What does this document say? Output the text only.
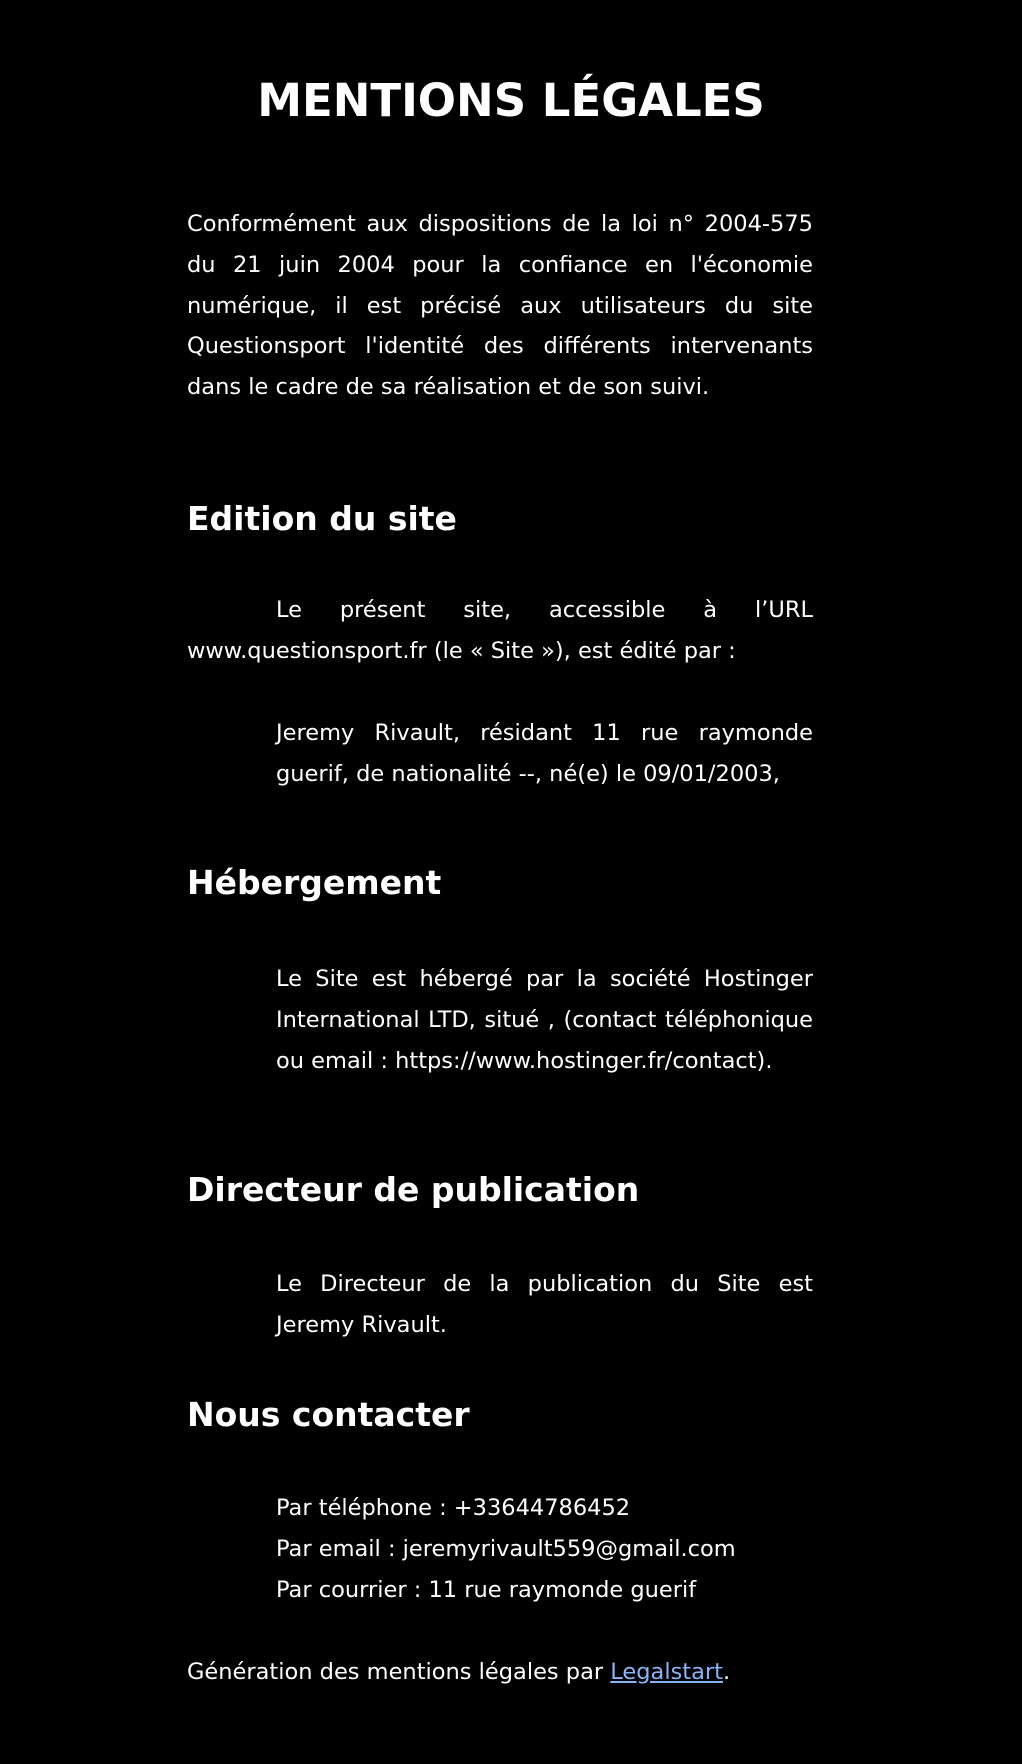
MENTIONS LÉGALES

Conformément aux dispositions de la loi n° 2004-575 du 21 juin 2004 pour la confiance en l'économie numérique, il est précisé aux utilisateurs du site Questionsport l'identité des différents intervenants dans le cadre de sa réalisation et de son suivi.

Edition du site

Le présent site, accessible à l’URL www.questionsport.fr (le « Site »), est édité par :

Jeremy Rivault, résidant 11 rue raymonde guerif, de nationalité --, né(e) le 09/01/2003,

Hébergement

Le Site est hébergé par la société Hostinger International LTD, situé , (contact téléphonique ou email : https://www.hostinger.fr/contact).

Directeur de publication

Le Directeur de la publication du Site est Jeremy Rivault.

Nous contacter

Par téléphone : +33644786452

Par email : jeremyrivault559@gmail.com

Par courrier : 11 rue raymonde guerif

Génération des mentions légales par Legalstart.
